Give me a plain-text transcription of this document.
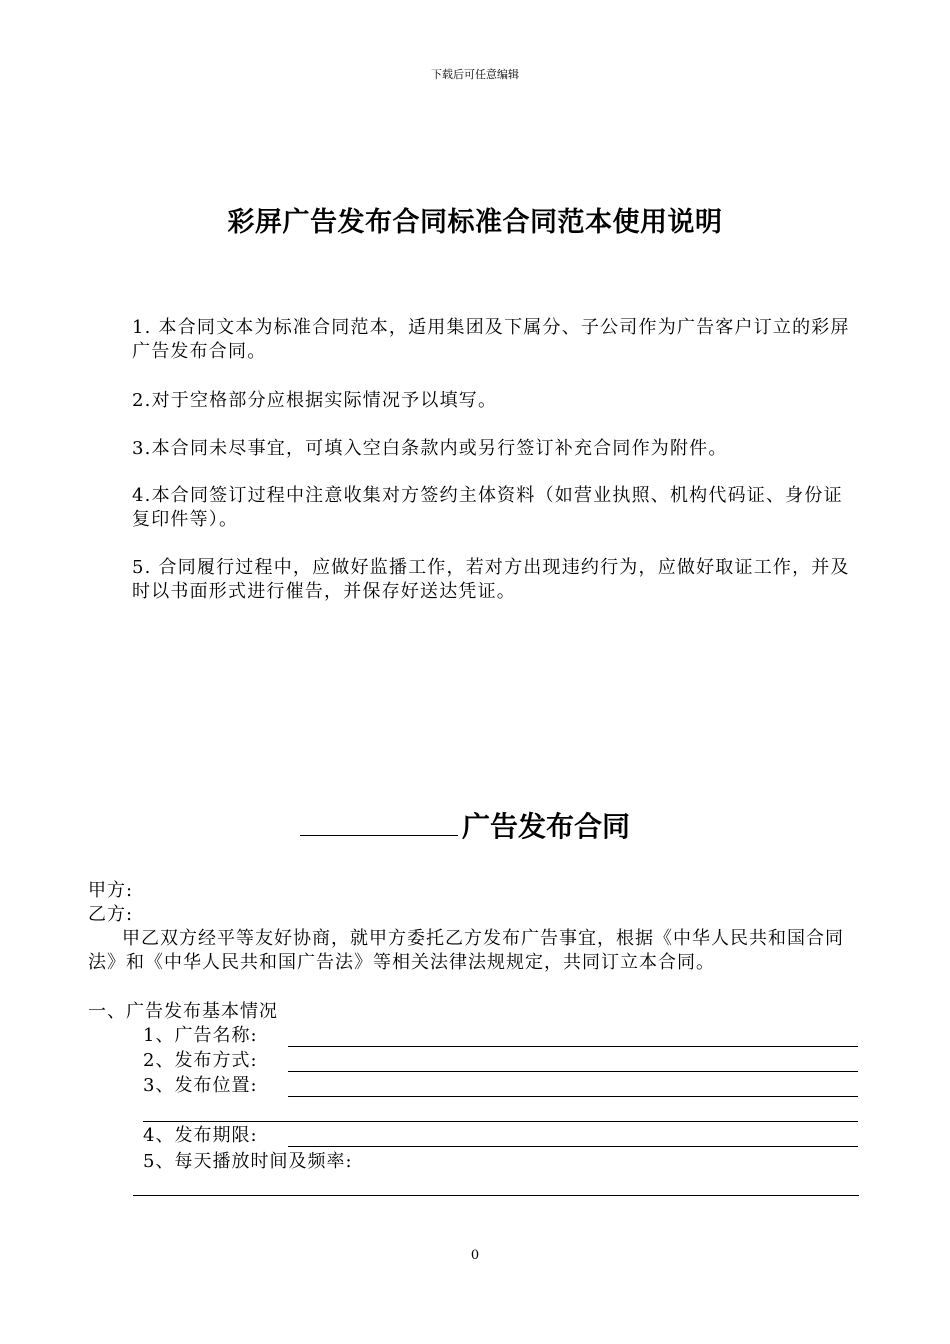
下载后可任意编辑
彩屏广告发布合同标准合同范本使用说明
1. 本合同文本为标准合同范本，适用集团及下属分、子公司作为广告客户订立的彩屏广告发布合同。
2.对于空格部分应根据实际情况予以填写。
3.本合同未尽事宜，可填入空白条款内或另行签订补充合同作为附件。
4.本合同签订过程中注意收集对方签约主体资料（如营业执照、机构代码证、身份证复印件等）。
5. 合同履行过程中，应做好监播工作，若对方出现违约行为，应做好取证工作，并及时以书面形式进行催告，并保存好送达凭证。
广告发布合同
甲方:
乙方:
甲乙双方经平等友好协商，就甲方委托乙方发布广告事宜，根据《中华人民共和国合同法》和《中华人民共和国广告法》等相关法律法规规定，共同订立本合同。
一、广告发布基本情况
1、广告名称:
2、发布方式:
3、发布位置:
4、发布期限:
5、每天播放时间及频率:
0
